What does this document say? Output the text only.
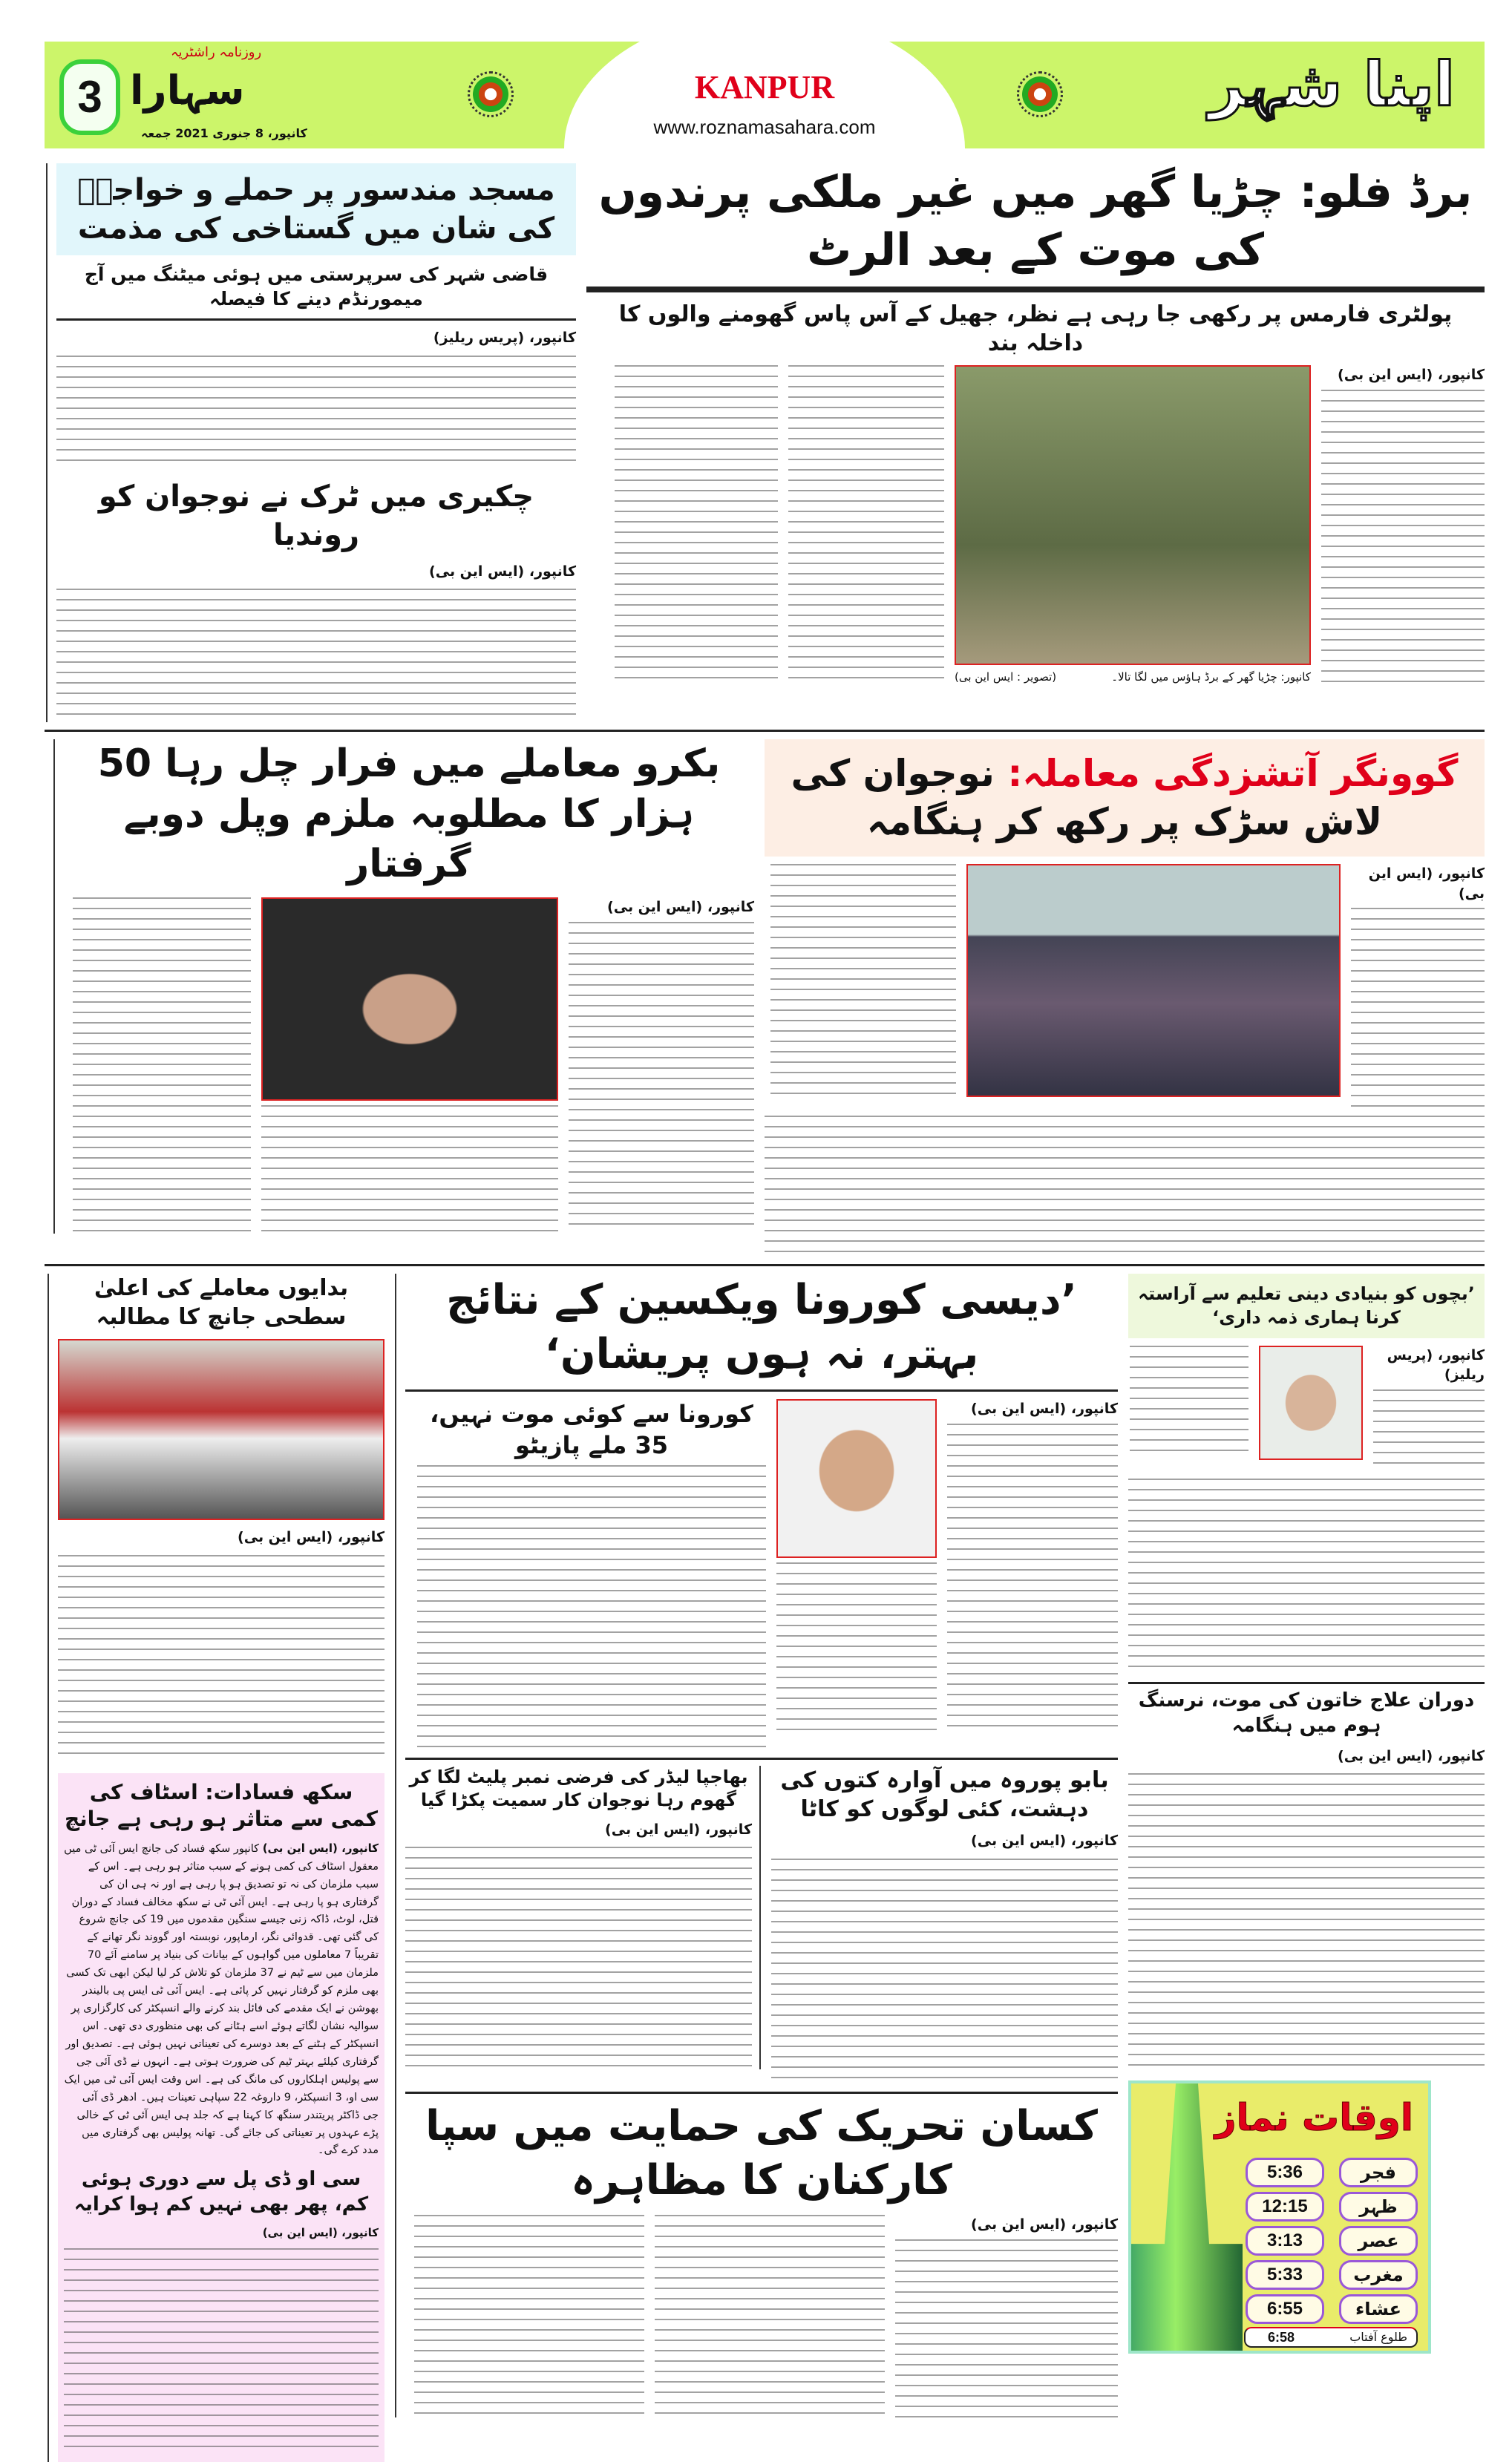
3
روزنامہ راشٹریہ
سہارا
کانپور، 8 جنوری 2021 جمعہ
KANPUR
www.roznamasahara.com
اپنا شہر
برڈ فلو: چڑیا گھر میں غیر ملکی پرندوں کی موت کے بعد الرٹ
پولٹری فارمس پر رکھی جا رہی ہے نظر، جھیل کے آس پاس گھومنے والوں کا داخلہ بند
کانپور، (ایس این بی)
کانپور: چڑیا گھر کے برڈ ہاؤس میں لگا تالا۔
(تصویر : ایس این بی)
مسجد مندسور پر حملے و خواجہؒ کی شان میں گستاخی کی مذمت
قاضی شہر کی سرپرستی میں ہوئی میٹنگ میں آج میمورنڈم دینے کا فیصلہ
کانپور، (پریس ریلیز)
چکیری میں ٹرک نے نوجوان کو روندیا
کانپور، (ایس این بی)
گوونگر آتشزدگی معاملہ: نوجوان کی لاش سڑک پر رکھ کر ہنگامہ
کانپور، (ایس این بی)
بکرو معاملے میں فرار چل رہا 50 ہزار کا مطلوبہ ملزم وپل دوبے گرفتار
کانپور، (ایس این بی)
’بچوں کو بنیادی دینی تعلیم سے آراستہ کرنا ہماری ذمہ داری‘
کانپور، (پریس ریلیز)
دوران علاج خاتون کی موت، نرسنگ ہوم میں ہنگامہ
کانپور، (ایس این بی)
اوقات نماز
فجر
5:36
ظہر
12:15
عصر
3:13
مغرب
5:33
عشاء
6:55
طلوع آفتاب
6:58
’دیسی کورونا ویکسین کے نتائج بہتر، نہ ہوں پریشان‘
کانپور، (ایس این بی)
کورونا سے کوئی موت نہیں، 35 ملے پازیٹو
بابو پوروہ میں آوارہ کتوں کی دہشت، کئی لوگوں کو کاٹا
کانپور، (ایس این بی)
بھاجپا لیڈر کی فرضی نمبر پلیٹ لگا کر گھوم رہا نوجوان کار سمیت پکڑا گیا
کانپور، (ایس این بی)
کسان تحریک کی حمایت میں سپا کارکنان کا مظاہرہ
کانپور، (ایس این بی)
بدایوں معاملے کی اعلیٰ سطحی جانچ کا مطالبہ
کانپور، (ایس این بی)
سکھ فسادات: اسٹاف کی کمی سے متاثر ہو رہی ہے جانچ
کانپور، (ایس این بی) کانپور سکھ فساد کی جانچ ایس آئی ٹی میں معقول اسٹاف کی کمی ہونے کے سبب متاثر ہو رہی ہے۔ اس کے سبب ملزمان کی نہ تو تصدیق ہو پا رہی ہے اور نہ ہی ان کی گرفتاری ہو پا رہی ہے۔ ایس آئی ٹی نے سکھ مخالف فساد کے دوران قتل، لوٹ، ڈاکہ زنی جیسے سنگین مقدموں میں 19 کی جانچ شروع کی گئی تھی۔ قدوائی نگر، ارماپور، نوبستہ اور گووند نگر تھانے کے تقریباً 7 معاملوں میں گواہوں کے بیانات کی بنیاد پر سامنے آئے 70 ملزمان میں سے ٹیم نے 37 ملزمان کو تلاش کر لیا لیکن ابھی تک کسی بھی ملزم کو گرفتار نہیں کر پائی ہے۔ ایس آئی ٹی ایس پی بالیندر بھوشن نے ایک مقدمے کی فائل بند کرنے والے انسپکٹر کی کارگزاری پر سوالیہ نشان لگاتے ہوئے اسے ہٹانے کی بھی منظوری دی تھی۔ اس انسپکٹر کے ہٹنے کے بعد دوسرے کی تعیناتی نہیں ہوئی ہے۔ تصدیق اور گرفتاری کیلئے بہتر ٹیم کی ضرورت ہوتی ہے۔ انہوں نے ڈی آئی جی سے پولیس اہلکاروں کی مانگ کی ہے۔ اس وقت ایس آئی ٹی میں ایک سی او، 3 انسپکٹر، 9 داروغہ 22 سپاہی تعینات ہیں۔ ادھر ڈی آئی جی ڈاکٹر پریتندر سنگھ کا کہنا ہے کہ جلد ہی ایس آئی ٹی کے خالی پڑے عہدوں پر تعیناتی کی جائے گی۔ تھانہ پولیس بھی گرفتاری میں مدد کرے گی۔
سی او ڈی پل سے دوری ہوئی کم، پھر بھی نہیں کم ہوا کرایہ
کانپور، (ایس این بی)
